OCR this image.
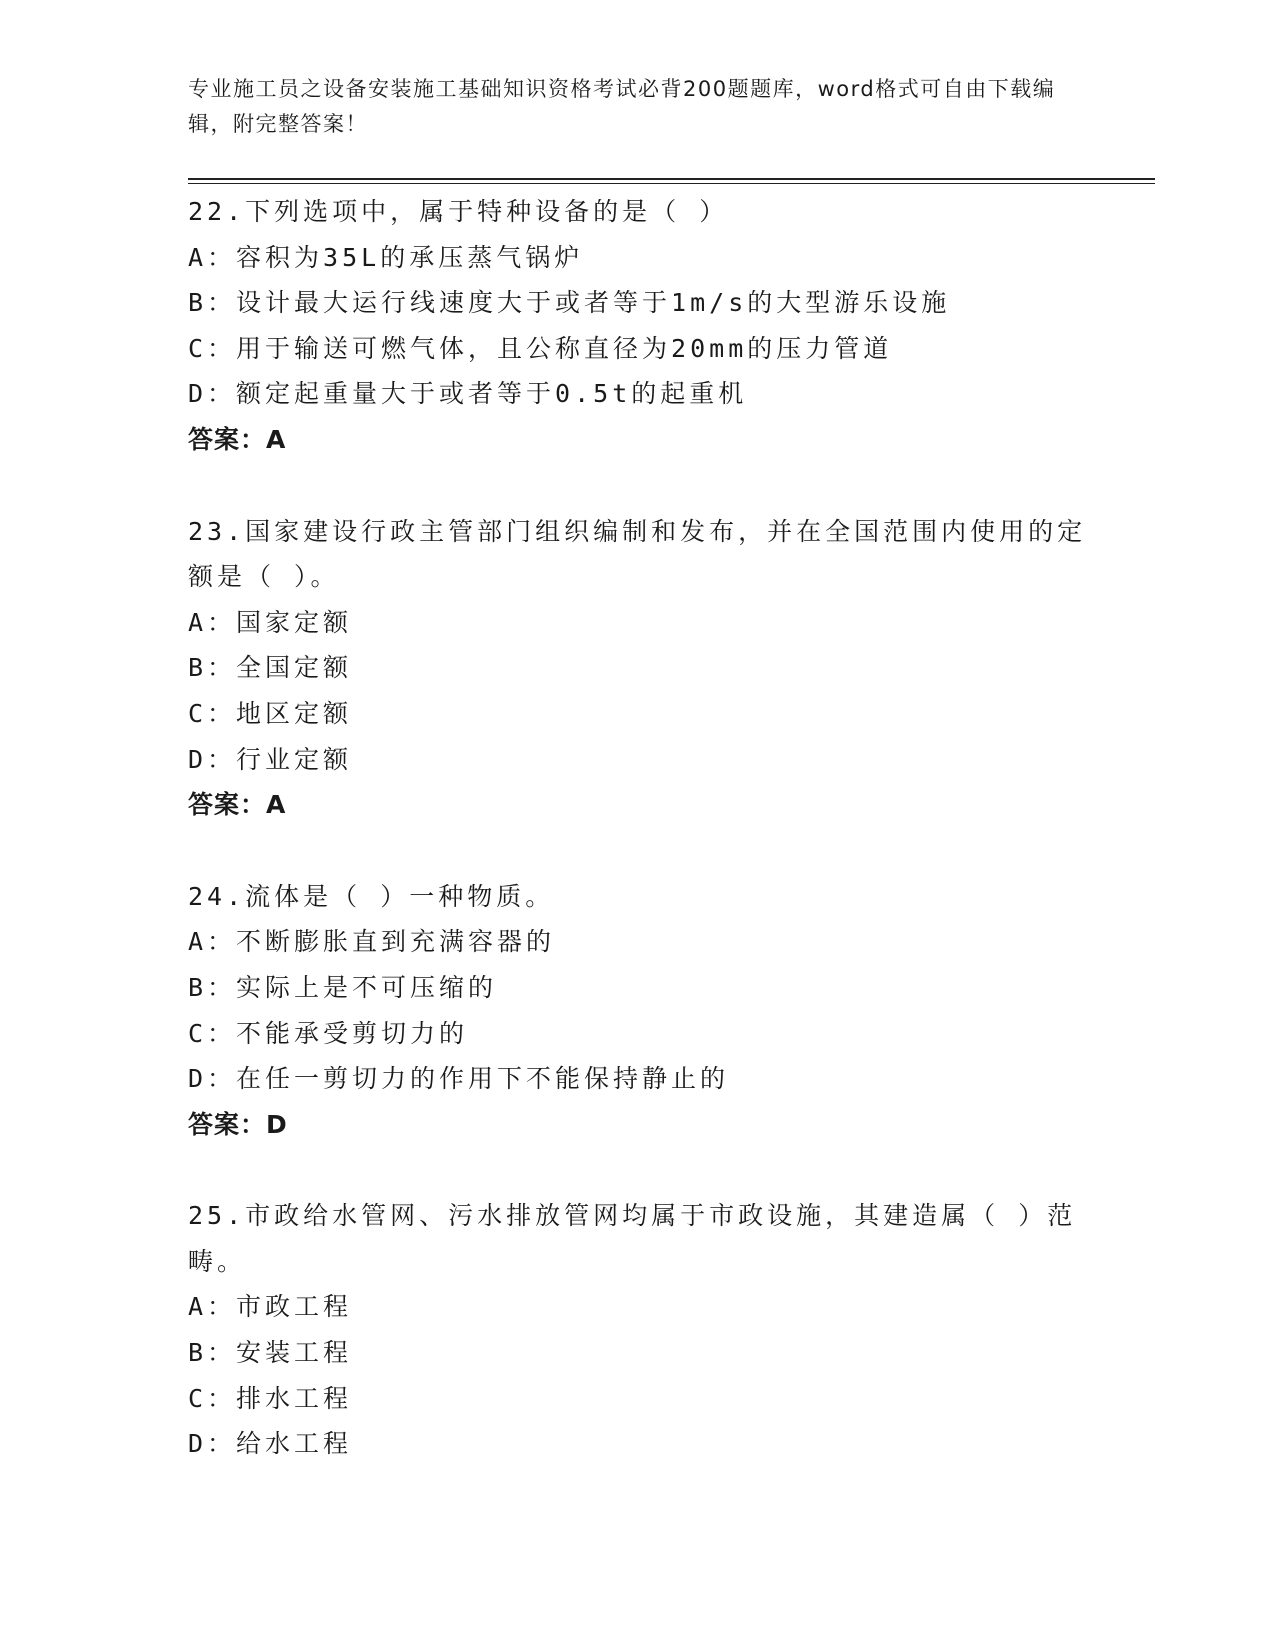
专业施工员之设备安装施工基础知识资格考试必背200题题库，word格式可自由下载编辑，附完整答案！
22.下列选项中，属于特种设备的是（ ）
A：容积为35L的承压蒸气锅炉
B：设计最大运行线速度大于或者等于1m/s的大型游乐设施
C：用于输送可燃气体，且公称直径为20mm的压力管道
D：额定起重量大于或者等于0.5t的起重机
答案：A
23.国家建设行政主管部门组织编制和发布，并在全国范围内使用的定额是（ ）。
A：国家定额
B：全国定额
C：地区定额
D：行业定额
答案：A
24.流体是（ ）一种物质。
A：不断膨胀直到充满容器的
B：实际上是不可压缩的
C：不能承受剪切力的
D：在任一剪切力的作用下不能保持静止的
答案：D
25.市政给水管网、污水排放管网均属于市政设施，其建造属（ ）范畴。
A：市政工程
B：安装工程
C：排水工程
D：给水工程
